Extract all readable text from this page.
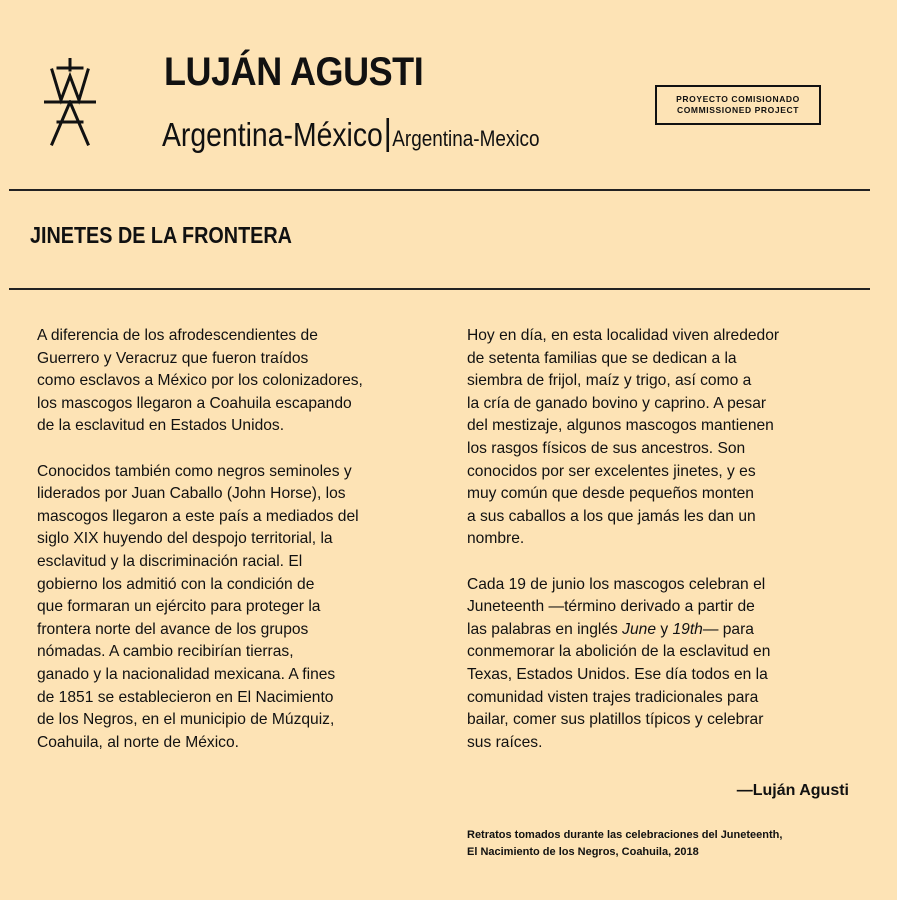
LUJÁN AGUSTI
Argentina-México Argentina-Mexico
PROYECTO COMISIONADO
COMMISSIONED PROJECT
JINETES DE LA FRONTERA

A diferencia de los afrodescendientes de
Guerrero y Veracruz que fueron traídos
como esclavos a México por los colonizadores,
los mascogos llegaron a Coahuila escapando
de la esclavitud en Estados Unidos.

Conocidos también como negros seminoles y
liderados por Juan Caballo (John Horse), los
mascogos llegaron a este país a mediados del
siglo XIX huyendo del despojo territorial, la
esclavitud y la discriminación racial. El
gobierno los admitió con la condición de
que formaran un ejército para proteger la
frontera norte del avance de los grupos
nómadas. A cambio recibirían tierras,
ganado y la nacionalidad mexicana. A fines
de 1851 se establecieron en El Nacimiento
de los Negros, en el municipio de Múzquiz,
Coahuila, al norte de México.

Hoy en día, en esta localidad viven alrededor
de setenta familias que se dedican a la
siembra de frijol, maíz y trigo, así como a
la cría de ganado bovino y caprino. A pesar
del mestizaje, algunos mascogos mantienen
los rasgos físicos de sus ancestros. Son
conocidos por ser excelentes jinetes, y es
muy común que desde pequeños monten
a sus caballos a los que jamás les dan un
nombre.

Cada 19 de junio los mascogos celebran el
Juneteenth —término derivado a partir de
las palabras en inglés June y 19th— para
conmemorar la abolición de la esclavitud en
Texas, Estados Unidos. Ese día todos en la
comunidad visten trajes tradicionales para
bailar, comer sus platillos típicos y celebrar
sus raíces.

—Luján Agusti
Retratos tomados durante las celebraciones del Juneteenth,
El Nacimiento de los Negros, Coahuila, 2018
